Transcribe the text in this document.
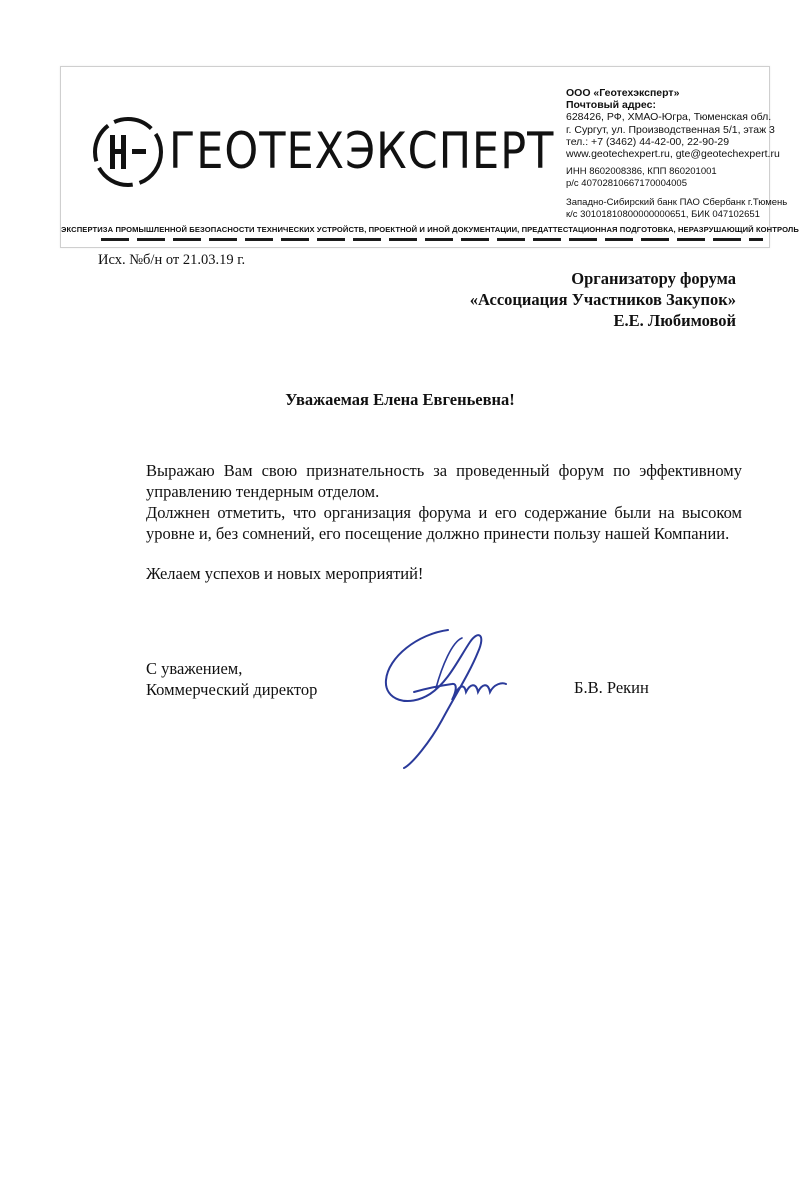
ГЕОТЕХЭКСПЕРТ
ООО «Геотехэксперт»
Почтовый адрес:
628426, РФ, ХМАО-Югра, Тюменская обл.
г. Сургут, ул. Производственная 5/1, этаж 3
тел.: +7 (3462) 44-42-00, 22-90-29
www.geotechexpert.ru, gte@geotechexpert.ru
ИНН 8602008386, КПП 860201001
р/с 40702810667170004005
Западно-Сибирский банк ПАО Сбербанк г.Тюмень
к/с 30101810800000000651, БИК 047102651
ЭКСПЕРТИЗА ПРОМЫШЛЕННОЙ БЕЗОПАСНОСТИ ТЕХНИЧЕСКИХ УСТРОЙСТВ, ПРОЕКТНОЙ И ИНОЙ ДОКУМЕНТАЦИИ, ПРЕДАТТЕСТАЦИОННАЯ ПОДГОТОВКА, НЕРАЗРУШАЮЩИЙ КОНТРОЛЬ
Исх. №б/н от 21.03.19 г.
Организатору форума
«Ассоциация Участников Закупок»
Е.Е. Любимовой
Уважаемая Елена Евгеньевна!

Выражаю Вам свою признательность за проведенный форум по эффективному управлению тендерным отделом.

Должнен отметить, что организация форума и его содержание были на высоком уровне и, без сомнений, его посещение должно принести пользу нашей Компании.

Желаем успехов и новых мероприятий!
С уважением,
Коммерческий директор	Б.В. Рекин
